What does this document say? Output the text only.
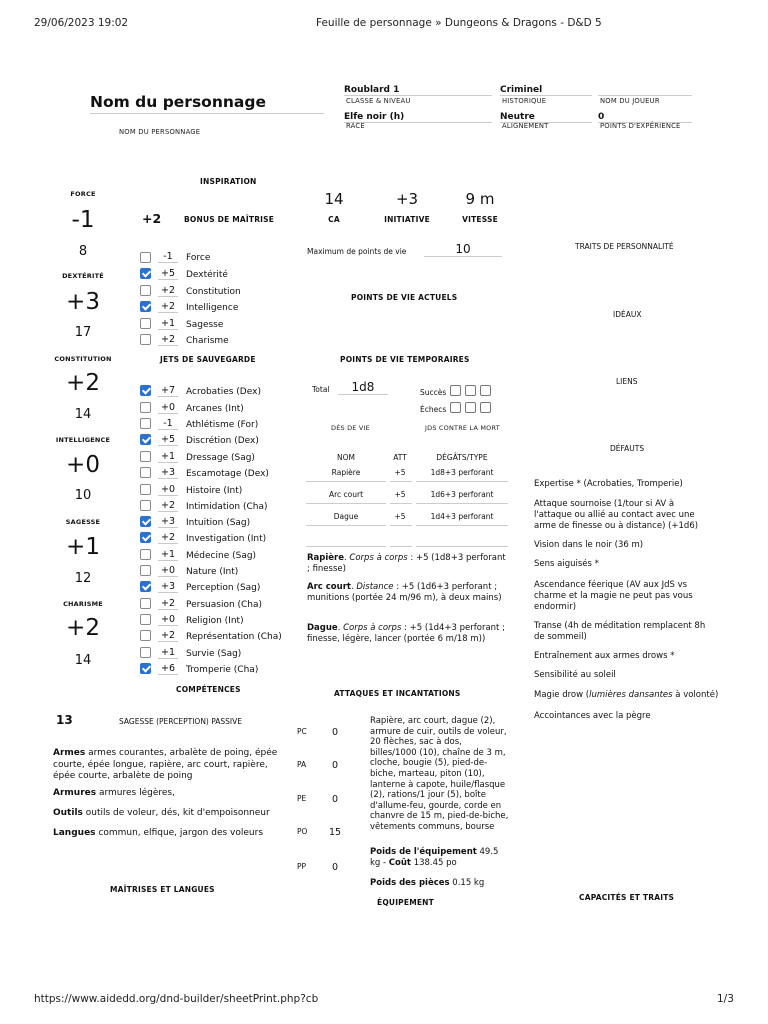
29/06/2023 19:02	Feuille de personnage » Dungeons & Dragons - D&D 5
https://www.aidedd.org/dnd-builder/sheetPrint.php?cb	1/3
Nom du personnage
NOM DU PERSONNAGE
Roublard 1
CLASSE & NIVEAU
Criminel
HISTORIQUE	NOM DU JOUEUR
Elfe noir (h)
RACE
Neutre
ALIGNEMENT
0
POINTS D'EXPÉRIENCE
INSPIRATION
+2	BONUS DE MAÎTRISE
FORCE
-1
8
DEXTÉRITÉ
+3
17
CONSTITUTION
+2
14
INTELLIGENCE
+0
10
SAGESSE
+1
12
CHARISME
+2
14
-1	Force
+5	Dextérité
+2	Constitution
+2	Intelligence
+1	Sagesse
+2	Charisme
JETS DE SAUVEGARDE
+7	Acrobaties (Dex)
+0	Arcanes (Int)
-1	Athlétisme (For)
+5	Discrétion (Dex)
+1	Dressage (Sag)
+3	Escamotage (Dex)
+0	Histoire (Int)
+2	Intimidation (Cha)
+3	Intuition (Sag)
+2	Investigation (Int)
+1	Médecine (Sag)
+0	Nature (Int)
+3	Perception (Sag)
+2	Persuasion (Cha)
+0	Religion (Int)
+2	Représentation (Cha)
+1	Survie (Sag)
+6	Tromperie (Cha)
COMPÉTENCES
13	SAGESSE (PERCEPTION) PASSIVE
Armes armes courantes, arbalète de poing, épée courte, épée longue, rapière, arc court, rapière, épée courte, arbalète de poing
Armures armures légères,
Outils outils de voleur, dés, kit d'empoisonneur
Langues commun, elfique, jargon des voleurs
MAÎTRISES ET LANGUES
14
CA
+3
INITIATIVE
9 m
VITESSE
Maximum de points de vie	10
POINTS DE VIE ACTUELS
POINTS DE VIE TEMPORAIRES
Total	1d8
DÉS DE VIE
Succès
Échecs
JDS CONTRE LA MORT
NOM	ATT	DÉGÂTS/TYPE
Rapière	+5	1d8+3 perforant
Arc court	+5	1d6+3 perforant
Dague	+5	1d4+3 perforant
Rapière. Corps à corps : +5 (1d8+3 perforant ; finesse)
Arc court. Distance : +5 (1d6+3 perforant ; munitions (portée 24 m/96 m), à deux mains)
Dague. Corps à corps : +5 (1d4+3 perforant ; finesse, légère, lancer (portée 6 m/18 m))
ATTAQUES ET INCANTATIONS
PC	0
PA	0
PE	0
PO	15
PP	0
Rapière, arc court, dague (2), armure de cuir, outils de voleur, 20 flèches, sac à dos, billes/1000 (10), chaîne de 3 m, cloche, bougie (5), pied-de-biche, marteau, piton (10), lanterne à capote, huile/flasque (2), rations/1 jour (5), boîte d'allume-feu, gourde, corde en chanvre de 15 m, pied-de-biche, vêtements communs, bourse
Poids de l'équipement 49.5 kg - Coût 138.45 po
Poids des pièces 0.15 kg
ÉQUIPEMENT
TRAITS DE PERSONNALITÉ
IDÉAUX
LIENS
DÉFAUTS
Expertise * (Acrobaties, Tromperie)
Attaque sournoise (1/tour si AV à l'attaque ou allié au contact avec une arme de finesse ou à distance) (+1d6)
Vision dans le noir (36 m)
Sens aiguisés *
Ascendance féerique (AV aux JdS vs charme et la magie ne peut pas vous endormir)
Transe (4h de méditation remplacent 8h de sommeil)
Entraînement aux armes drows *
Sensibilité au soleil
Magie drow (lumières dansantes à volonté)
Accointances avec la pègre
CAPACITÉS ET TRAITS
